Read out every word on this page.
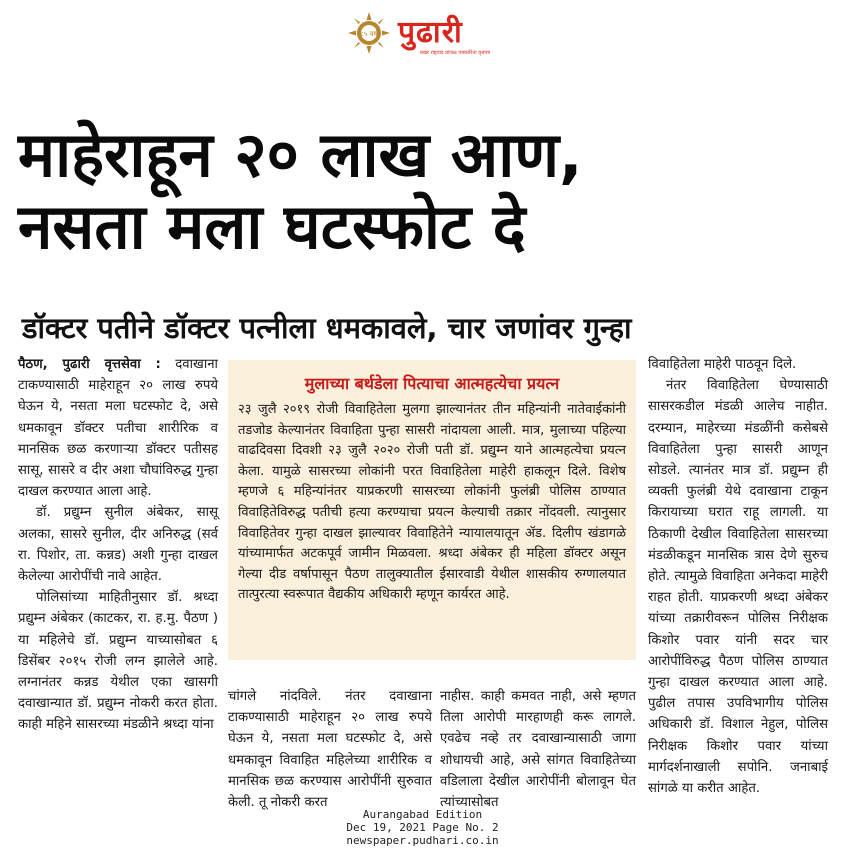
८५ वर्ष पुढारी
प्रखर राष्ट्रवाद प्रांजळ पत्रकारिता वृत्तपत्र
माहेराहून २० लाख आण,
नसता मला घटस्फोट दे
डॉक्टर पतीने डॉक्टर पत्नीला धमकावले, चार जणांवर गुन्हा

पैठण, पुढारी वृत्तसेवा : दवाखाना टाकण्यासाठी माहेराहून २० लाख रुपये घेऊन ये, नसता मला घटस्फोट दे, असे धमकावून डॉक्टर पतीचा शारीरिक व मानसिक छळ करणाऱ्या डॉक्टर पतीसह सासू, सासरे व दीर अशा चौघांविरुद्ध गुन्हा दाखल करण्यात आला आहे.

डॉ. प्रद्युम्न सुनील अंबेकर, सासू अलका, सासरे सुनील, दीर अनिरुद्ध (सर्व रा. पिशोर, ता. कन्नड) अशी गुन्हा दाखल केलेल्या आरोपींची नावे आहेत.

पोलिसांच्या माहितीनुसार डॉ. श्रध्दा प्रद्युम्न अंबेकर (काटकर, रा. ह.मु. पैठण ) या महिलेचे डॉ. प्रद्युम्न याच्यासोबत ६ डिसेंबर २०१५ रोजी लग्न झालेले आहे. लग्नानंतर कन्नड येथील एका खासगी दवाखान्यात डॉ. प्रद्युम्न नोकरी करत होता. काही महिने सासरच्या मंडळीने श्रध्दा यांना

मुलाच्या बर्थडेला पित्याचा आत्महत्येचा प्रयत्न
२३ जुलै २०१९ रोजी विवाहितेला मुलगा झाल्यानंतर तीन महिन्यांनी नातेवाईकांनी तडजोड केल्यानंतर विवाहिता पुन्हा सासरी नांदायला आली. मात्र, मुलाच्या पहिल्या वाढदिवसा दिवशी २३ जुलै २०२० रोजी पती डॉ. प्रद्युम्न याने आत्महत्येचा प्रयत्न केला. यामुळे सासरच्या लोकांनी परत विवाहितेला माहेरी हाकलून दिले. विशेष म्हणजे ६ महिन्यांनंतर याप्रकरणी सासरच्या लोकांनी फुलंब्री पोलिस ठाण्यात विवाहितेविरुद्ध पतीची हत्या करण्याचा प्रयत्न केल्याची तक्रार नोंदवली. त्यानुसार विवाहितेवर गुन्हा दाखल झाल्यावर विवाहितेने न्यायालयातून ॲड. दिलीप खंडागळे यांच्यामार्फत अटकपूर्व जामीन मिळवला. श्रध्दा अंबेकर ही महिला डॉक्टर असून गेल्या दीड वर्षापासून पैठण तालुक्यातील ईसारवाडी येथील शासकीय रुग्णालयात तात्पुरत्या स्वरूपात वैद्यकीय अधिकारी म्हणून कार्यरत आहे.

चांगले नांदविले. नंतर दवाखाना टाकण्यासाठी माहेराहून २० लाख रुपये घेऊन ये, नसता मला घटस्फोट दे, असे धमकावून विवाहित महिलेच्या शारीरिक व मानसिक छळ करण्यास आरोपींनी सुरुवात केली. तू नोकरी करत

नाहीस. काही कमवत नाही, असे म्हणत तिला आरोपी मारहाणही करू लागले. एवढेच नव्हे तर दवाखान्यासाठी जागा शोधायची आहे, असे सांगत विवाहितेच्या वडिलाला देखील आरोपींनी बोलावून घेत त्यांच्यासोबत

विवाहितेला माहेरी पाठवून दिले.

नंतर विवाहितेला घेण्यासाठी सासरकडील मंडळी आलेच नाहीत. दरम्यान, माहेरच्या मंडळींनी कसेबसे विवाहितेला पुन्हा सासरी आणून सोडले. त्यानंतर मात्र डॉ. प्रद्युम्न ही व्यक्ती फुलंब्री येथे दवाखाना टाकून किरायाच्या घरात राहू लागली. या ठिकाणी देखील विवाहितेला सासरच्या मंडळीकडून मानसिक त्रास देणे सुरुच होते. त्यामुळे विवाहिता अनेकदा माहेरी राहत होती. याप्रकरणी श्रध्दा अंबेकर यांच्या तक्रारीवरून पोलिस निरीक्षक किशोर पवार यांनी सदर चार आरोपींविरुद्ध पैठण पोलिस ठाण्यात गुन्हा दाखल करण्यात आला आहे. पुढील तपास उपविभागीय पोलिस अधिकारी डॉ. विशाल नेहुल, पोलिस निरीक्षक किशोर पवार यांच्या मार्गदर्शनाखाली सपोनि. जनाबाई सांगळे या करीत आहेत.

Aurangabad Edition
Dec 19, 2021 Page No. 2
newspaper.pudhari.co.in
